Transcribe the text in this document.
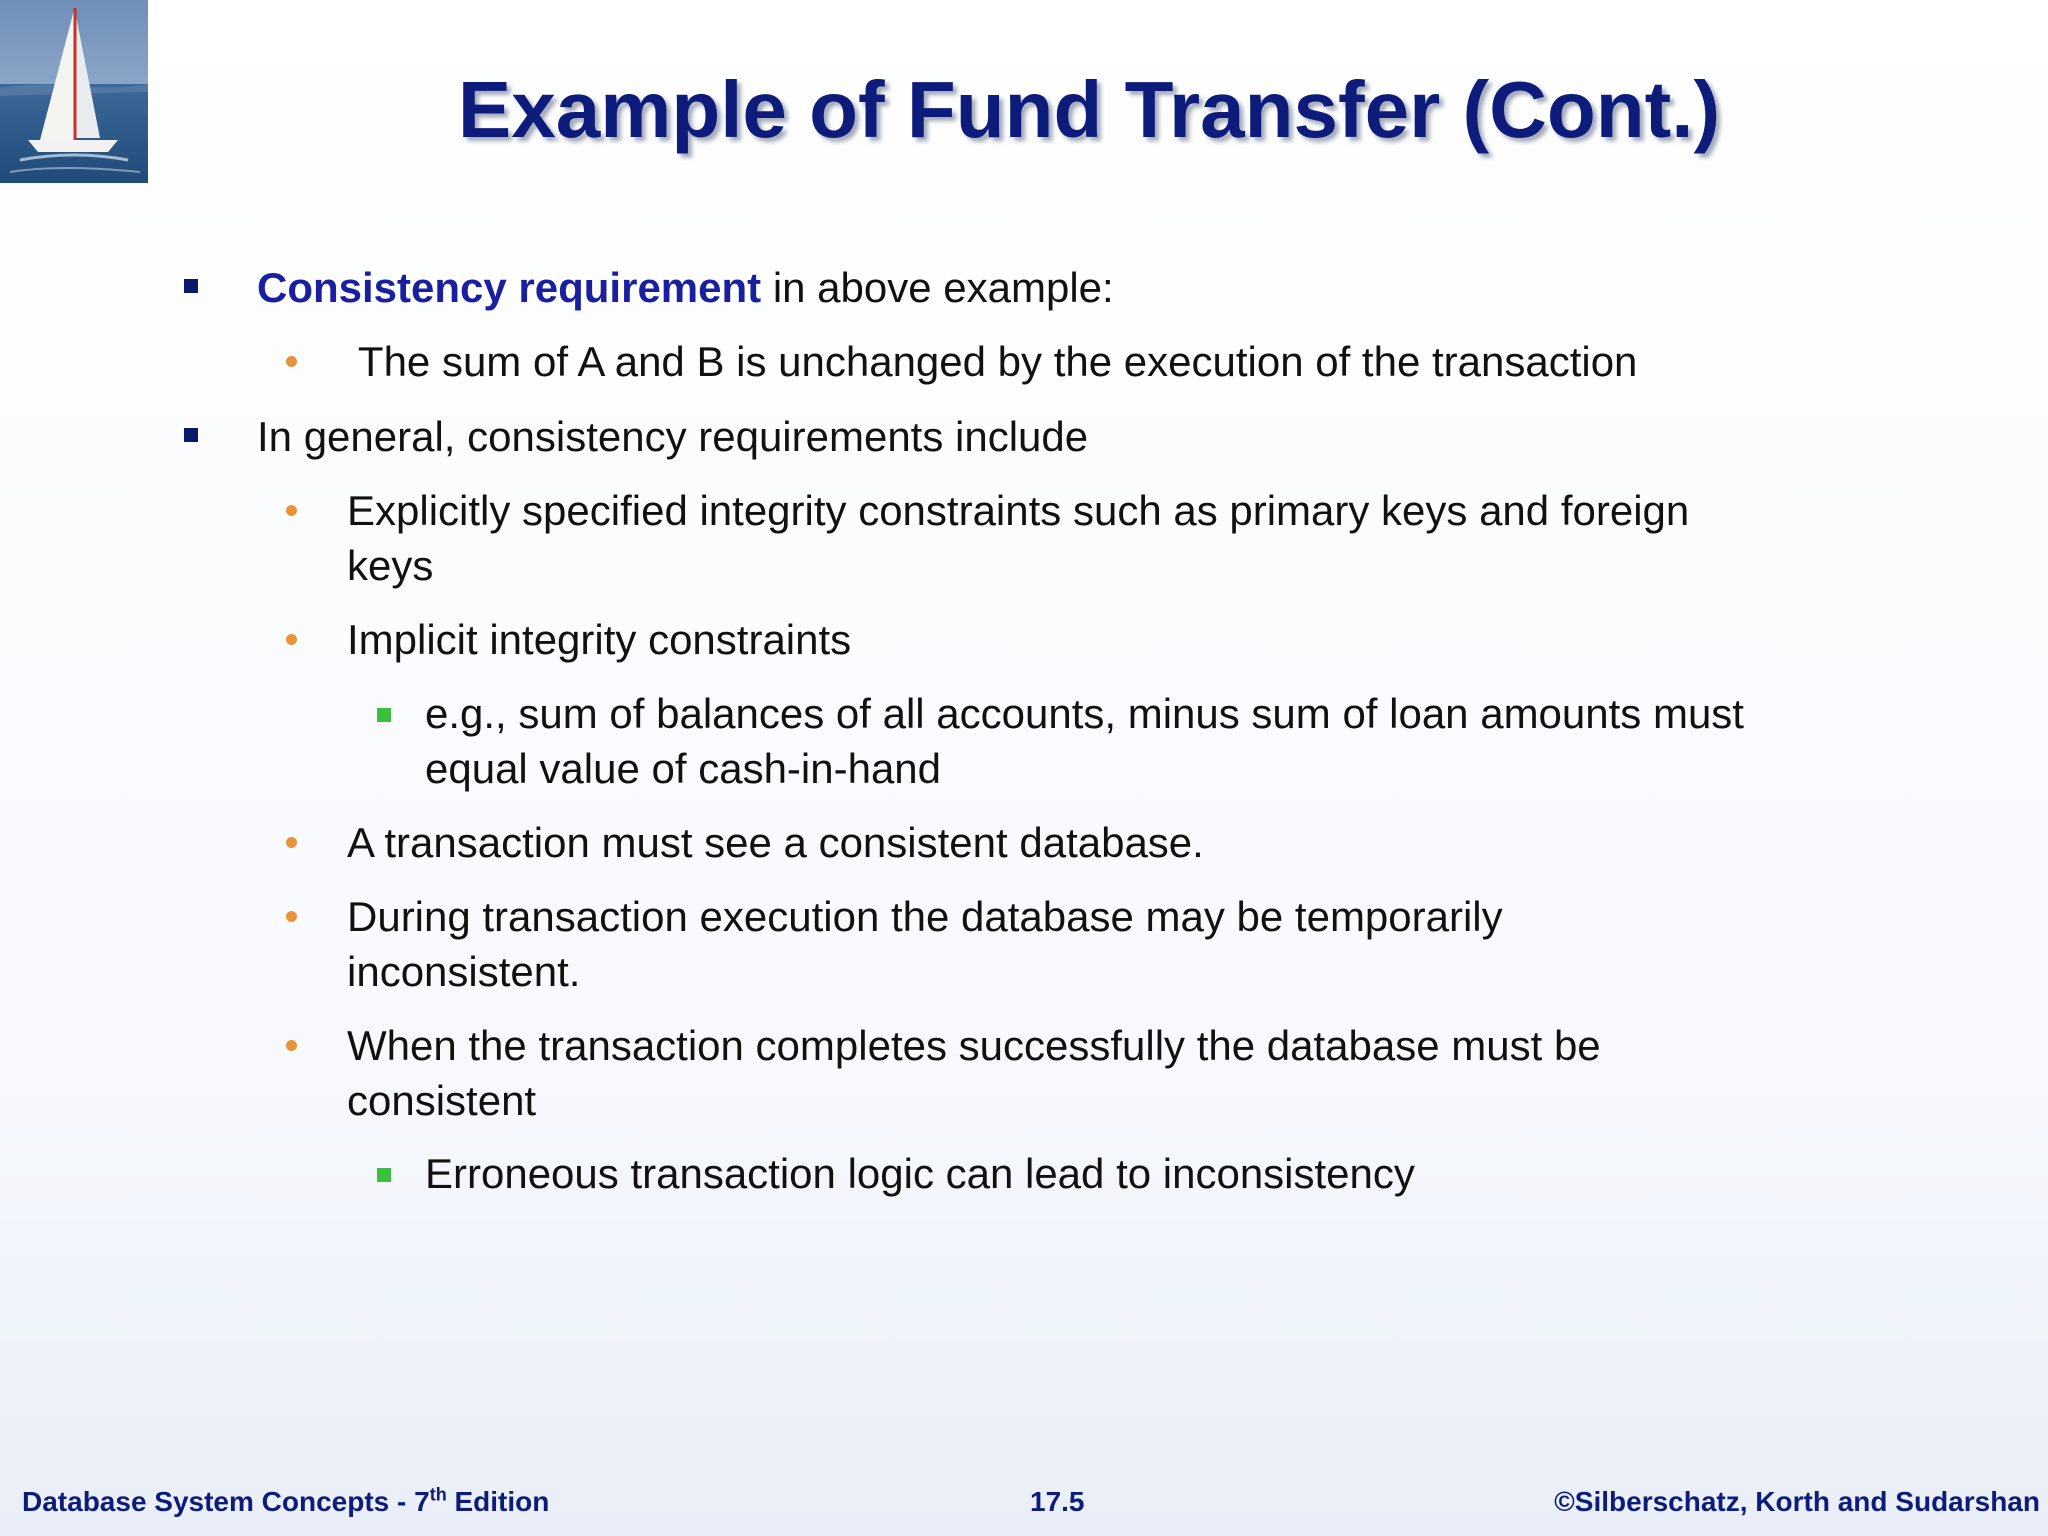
Example of Fund Transfer (Cont.)
Consistency requirement in above example:
The sum of A and B is unchanged by the execution of the transaction
In general, consistency requirements include
Explicitly specified integrity constraints such as primary keys and foreign
keys
Implicit integrity constraints
e.g., sum of balances of all accounts, minus sum of loan amounts must
equal value of cash-in-hand
A transaction must see a consistent database.
During transaction execution the database may be temporarily
inconsistent.
When the transaction completes successfully the database must be
consistent
Erroneous transaction logic can lead to inconsistency
Database System Concepts - 7th Edition	17.5	©Silberschatz, Korth and Sudarshan
